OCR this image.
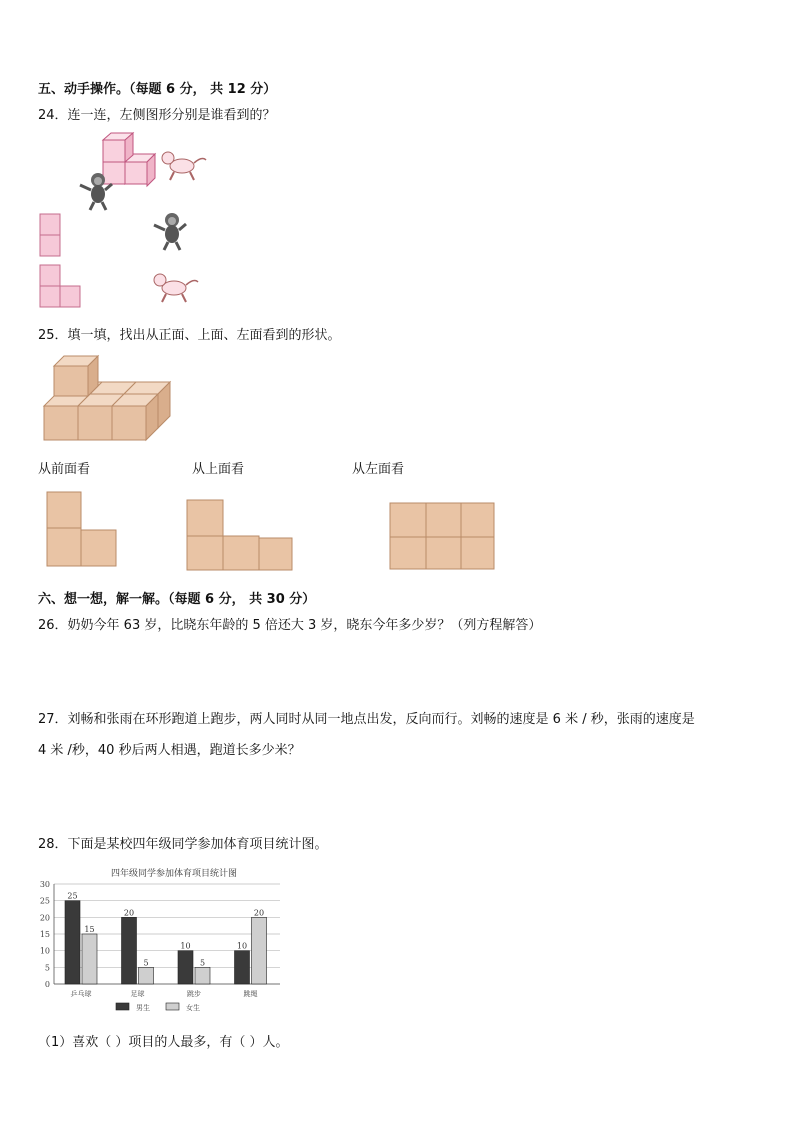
五、动手操作。（每题 6 分， 共 12 分）
24．连一连，左侧图形分别是谁看到的？
25．填一填，找出从正面、上面、左面看到的形状。
从前面看	从上面看	从左面看
六、想一想，解一解。（每题 6 分， 共 30 分）
26．奶奶今年 63 岁，比晓东年龄的 5 倍还大 3 岁，晓东今年多少岁？（列方程解答）
27．刘畅和张雨在环形跑道上跑步，两人同时从同一地点出发，反向而行。刘畅的速度是 6 米 / 秒，张雨的速度是
4 米 /秒，40 秒后两人相遇，跑道长多少米？
28．下面是某校四年级同学参加体育项目统计图。
四年级同学参加体育项目统计图
0
5
10
15
20
25
30
25
15
乒乓球
20
5
足球
10
5
跳步
10
20
跳绳
男生	女生
（1）喜欢（ ）项目的人最多，有（ ）人。
